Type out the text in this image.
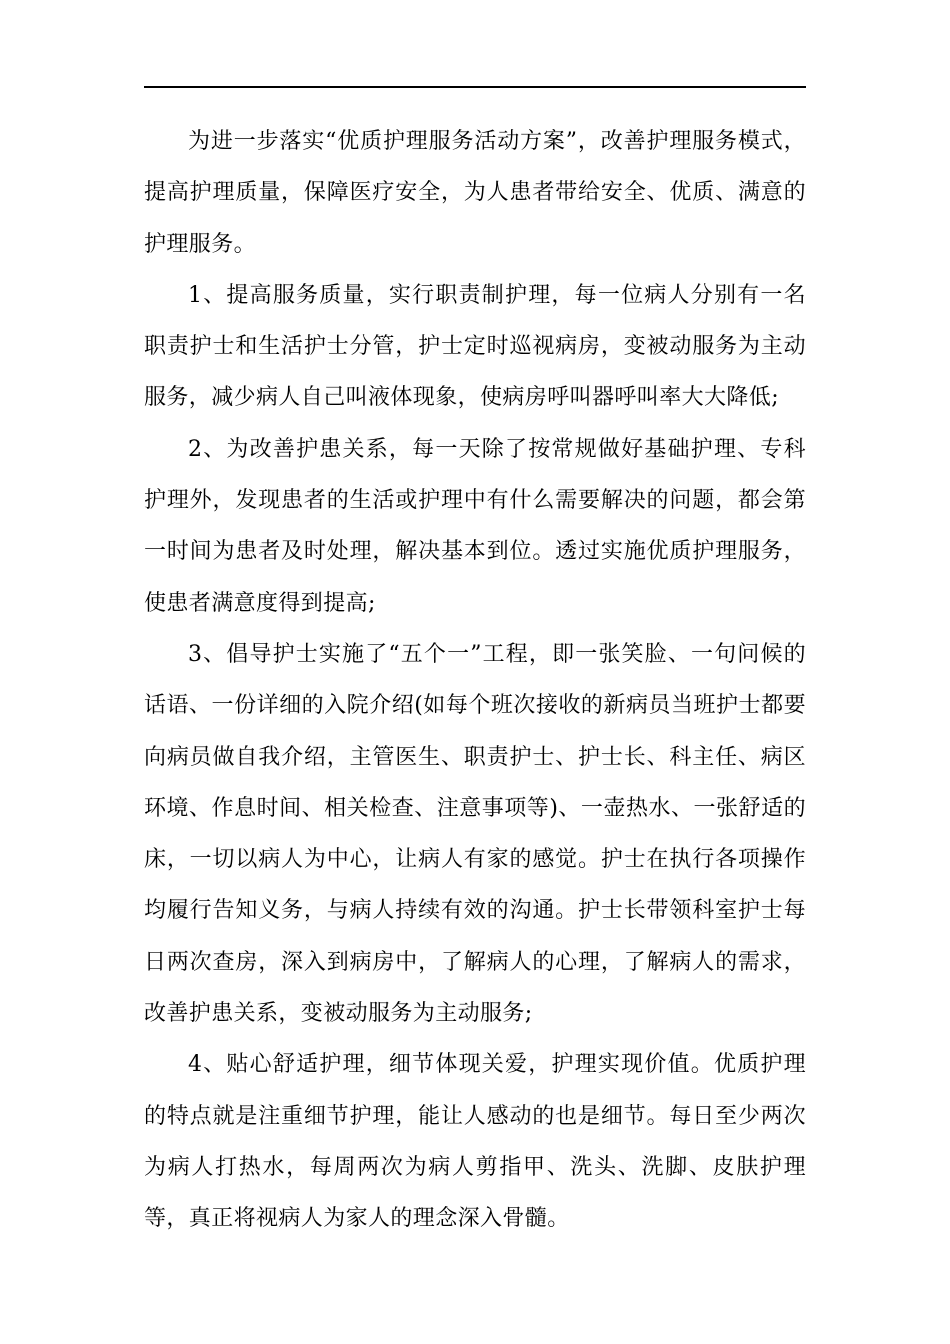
为进一步落实“优质护理服务活动方案”，改善护理服务模式，提高护理质量，保障医疗安全，为人患者带给安全、优质、满意的护理服务。

1、提高服务质量，实行职责制护理，每一位病人分别有一名职责护士和生活护士分管，护士定时巡视病房，变被动服务为主动服务，减少病人自己叫液体现象，使病房呼叫器呼叫率大大降低;

2、为改善护患关系，每一天除了按常规做好基础护理、专科护理外，发现患者的生活或护理中有什么需要解决的问题，都会第一时间为患者及时处理，解决基本到位。透过实施优质护理服务，使患者满意度得到提高;

3、倡导护士实施了“五个一”工程，即一张笑脸、一句问候的话语、一份详细的入院介绍(如每个班次接收的新病员当班护士都要向病员做自我介绍，主管医生、职责护士、护士长、科主任、病区环境、作息时间、相关检查、注意事项等)、一壶热水、一张舒适的床，一切以病人为中心，让病人有家的感觉。护士在执行各项操作均履行告知义务，与病人持续有效的沟通。护士长带领科室护士每日两次查房，深入到病房中，了解病人的心理，了解病人的需求，改善护患关系，变被动服务为主动服务;

4、贴心舒适护理，细节体现关爱，护理实现价值。优质护理的特点就是注重细节护理，能让人感动的也是细节。每日至少两次为病人打热水，每周两次为病人剪指甲、洗头、洗脚、皮肤护理等，真正将视病人为家人的理念深入骨髓。
